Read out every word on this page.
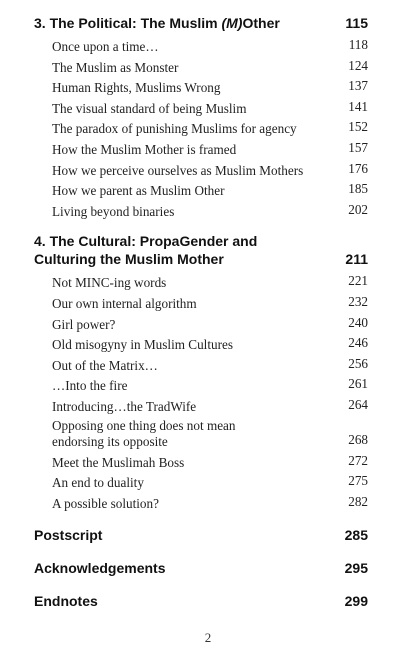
3. The Political: The Muslim (M)Other	115
Once upon a time…	118
The Muslim as Monster	124
Human Rights, Muslims Wrong	137
The visual standard of being Muslim	141
The paradox of punishing Muslims for agency	152
How the Muslim Mother is framed	157
How we perceive ourselves as Muslim Mothers	176
How we parent as Muslim Other	185
Living beyond binaries	202
4. The Cultural: PropaGender and
Culturing the Muslim Mother	211
Not MINC-ing words	221
Our own internal algorithm	232
Girl power?	240
Old misogyny in Muslim Cultures	246
Out of the Matrix…	256
…Into the fire	261
Introducing…the TradWife	264
Opposing one thing does not mean
endorsing its opposite	268
Meet the Muslimah Boss	272
An end to duality	275
A possible solution?	282
Postscript	285
Acknowledgements	295
Endnotes	299
2
